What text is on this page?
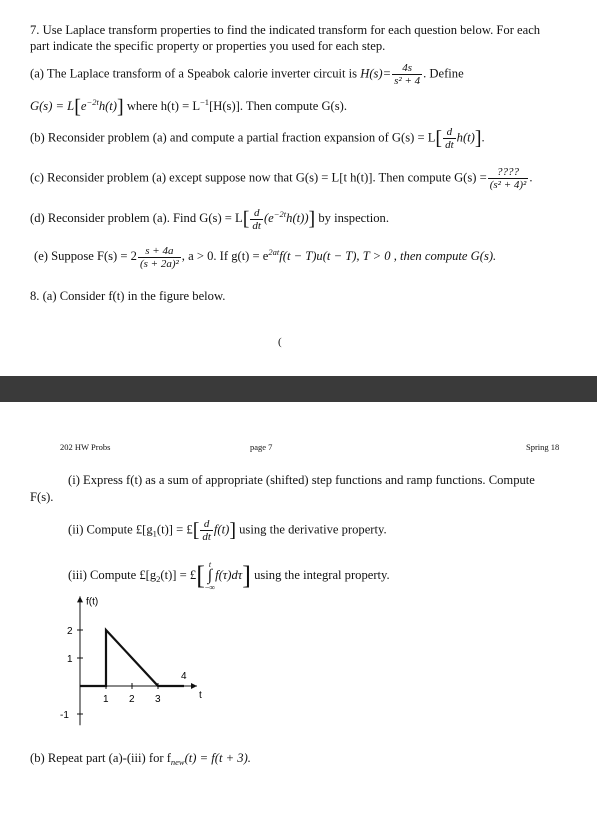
7. Use Laplace transform properties to find the indicated transform for each question below. For each
part indicate the specific property or properties you used for each step.
(a) The Laplace transform of a Speabok calorie inverter circuit is $H(s)= \frac{4s}{\text{s² + 4}}$ . Define
$G(s) = L[e^{-2t}h(t)]$ where $h(t) = L^{-1}[H(s)]$. Then compute G(s).
(b) Reconsider problem (a) and compute a partial fraction expansion of $G(s) = L[ \frac{d}{dt} h(t)]$.
(c) Reconsider problem (a) except suppose now that G(s) = L[t h(t)]. Then compute $G(s) = \frac{????}{\text{(s² + 4)²}}$ .
(d) Reconsider problem (a). Find $G(s) = L[ \frac{d}{dt} (e^{-2t}h(t))]$ by inspection.
(e) Suppose $F(s) = 2 \frac{s + 4a}{\text{(s + 2a)²}}$ , a > 0. If $g(t) = e^{2at}f(t - T)u(t - T)$, T > 0 , then compute G(s).
8. (a) Consider f(t) in the figure below.
(
202 HW Probs	page 7	Spring 18
(i) Express f(t) as a sum of appropriate (shifted) step functions and ramp functions. Compute
F(s).
(ii) Compute $£[g_1(t)]$ = £[ $\frac{d}{dt} f(t)$] using the derivative property.
(iii) Compute $£[g_2(t)]$ = £[ t
∫
−∞
f(τ)dτ] using the integral property.
1 2 3
2
1
-1
f(t)
t
4
(b) Repeat part (a)-(iii) for $f_{new}(t) = f(t + 3)$.
